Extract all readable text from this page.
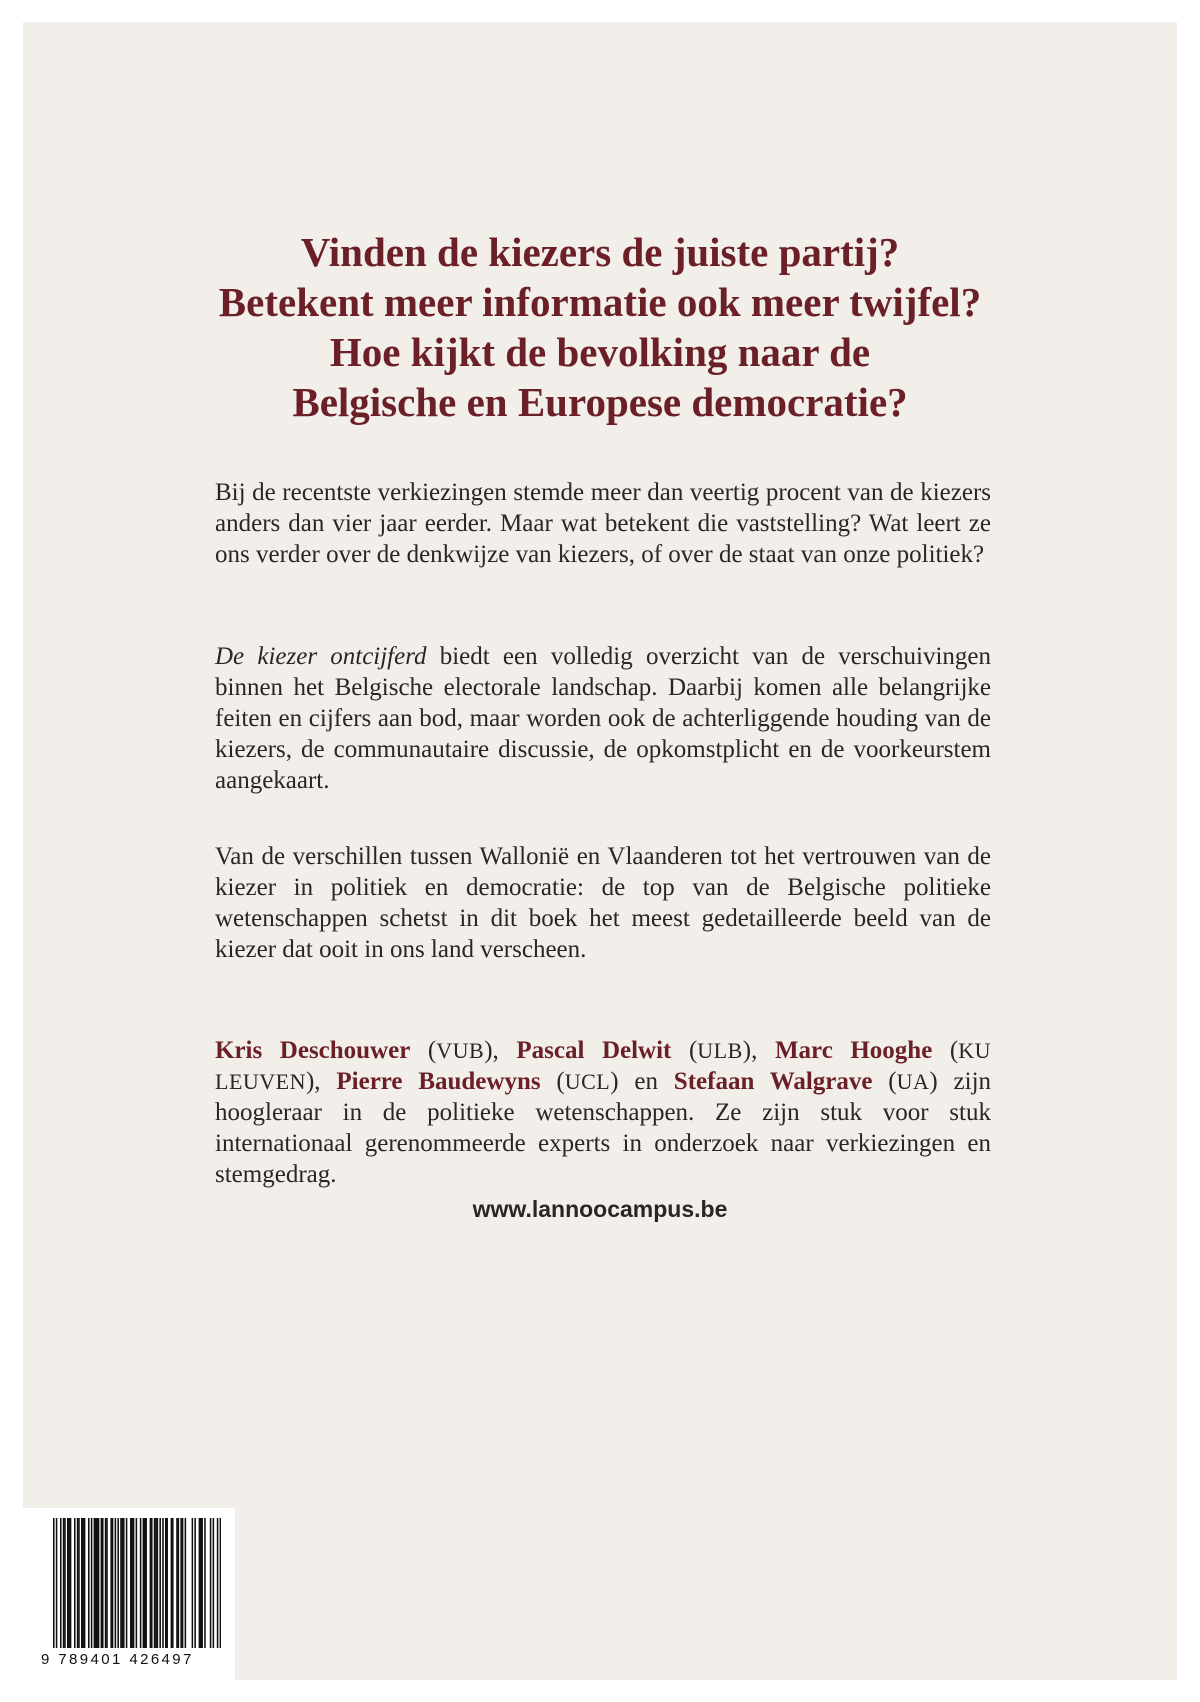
Vinden de kiezers de juiste partij?
Betekent meer informatie ook meer twijfel?
Hoe kijkt de bevolking naar de
Belgische en Europese democratie?

Bij de recentste verkiezingen stemde meer dan veertig procent van de kiezers anders dan vier jaar eerder. Maar wat betekent die vaststelling? Wat leert ze ons verder over de denkwijze van kiezers, of over de staat van onze politiek?

De kiezer ontcijferd biedt een volledig overzicht van de verschuivingen binnen het Belgische electorale landschap. Daarbij komen alle belangrijke feiten en cijfers aan bod, maar worden ook de achterliggende houding van de kiezers, de communautaire discussie, de opkomstplicht en de voorkeurstem aangekaart.

Van de verschillen tussen Wallonië en Vlaanderen tot het vertrouwen van de kiezer in politiek en democratie: de top van de Belgische politieke wetenschappen schetst in dit boek het meest gedetailleerde beeld van de kiezer dat ooit in ons land verscheen.

Kris Deschouwer (VUB), Pascal Delwit (ULB), Marc Hooghe (KU LEUVEN), Pierre Baudewyns (UCL) en Stefaan Walgrave (UA) zijn hoogleraar in de politieke wetenschappen. Ze zijn stuk voor stuk internationaal gerenommeerde experts in onderzoek naar verkiezingen en stemgedrag.

www.lannoocampus.be
9 789401 426497
